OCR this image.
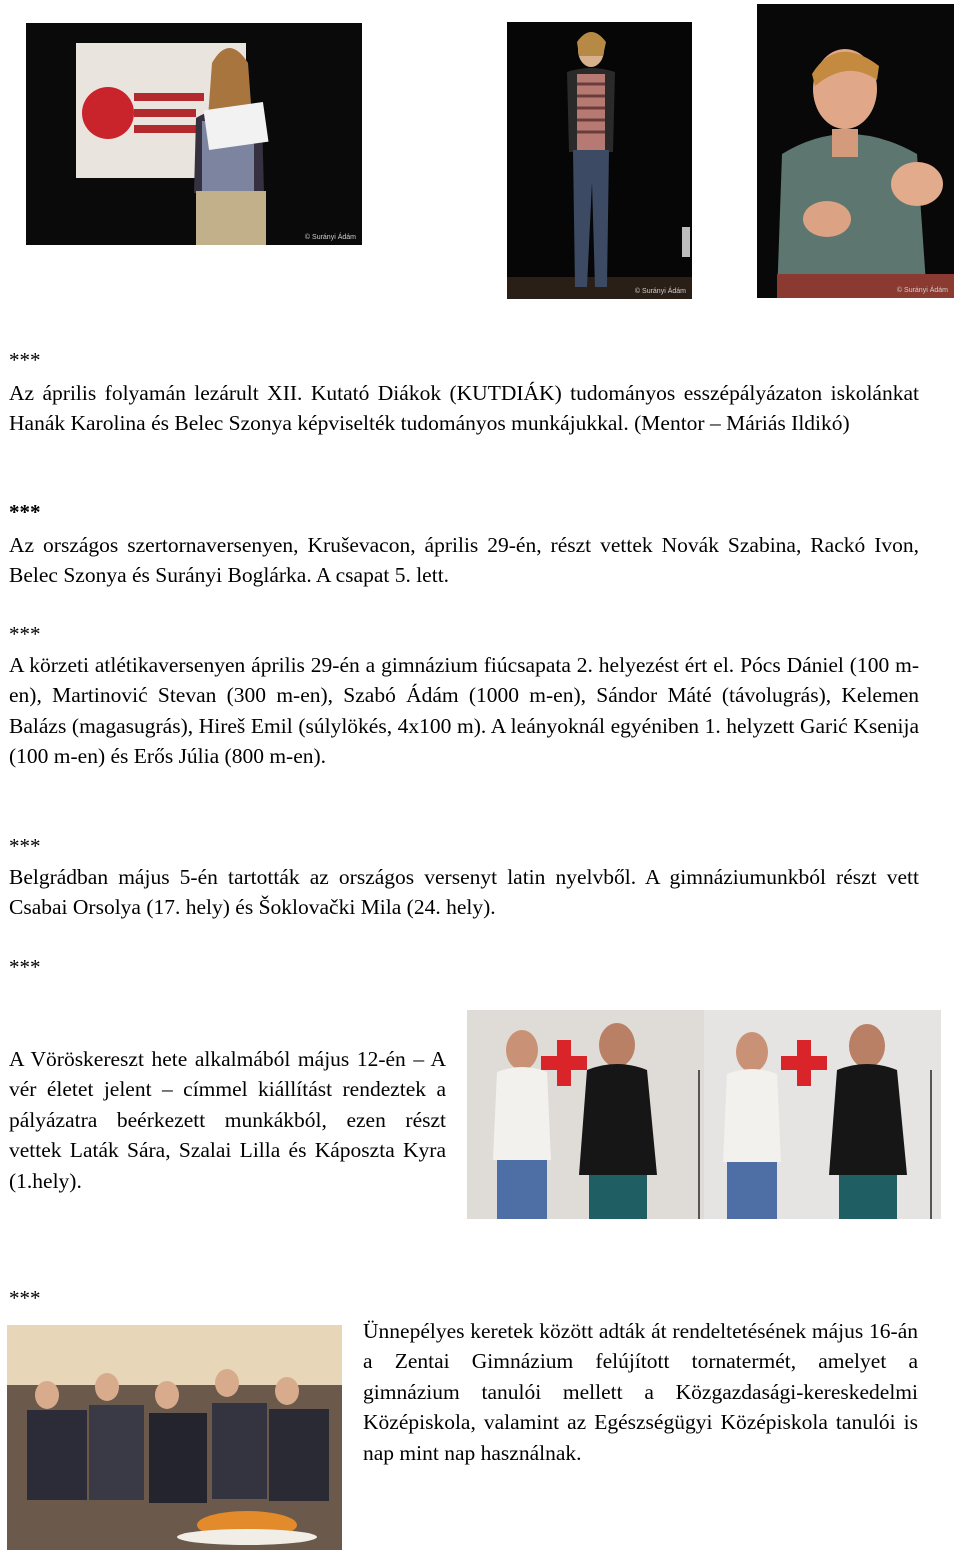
© Surányi Ádám
© Surányi Ádám	© Surányi Ádám

***

Az április folyamán lezárult XII. Kutató Diákok (KUTDIÁK) tudományos esszépályázaton iskolánkat Hanák Karolina és Belec Szonya képviselték tudományos munkájukkal. (Mentor – Máriás Ildikó)

***

Az országos szertornaversenyen, Kruševacon, április 29-én, részt vettek Novák Szabina, Rackó Ivon, Belec Szonya és Surányi Boglárka. A csapat 5. lett.

***

A körzeti atlétikaversenyen április 29-én a gimnázium fiúcsapata 2. helyezést ért el. Pócs Dániel (100 m-en), Martinović Stevan (300 m-en), Szabó Ádám (1000 m-en), Sándor Máté (távolugrás), Kelemen Balázs (magasugrás), Hireš Emil (súlylökés, 4x100 m). A leányoknál egyéniben 1. helyzett Garić Ksenija (100 m-en) és Erős Júlia (800 m-en).

***

Belgrádban május 5-én tartották az országos versenyt latin nyelvből. A gimnáziumunkból részt vett Csabai Orsolya (17. hely) és Šoklovački Mila (24. hely).

***

A Vöröskereszt hete alkalmából május 12-én – A vér életet jelent – címmel kiállítást rendeztek a pályázatra beérkezett munkákból, ezen részt vettek Laták Sára, Szalai Lilla és Káposzta Kyra (1.hely).

***

Ünnepélyes keretek között adták át rendeltetésének május 16-án a Zentai Gimnázium felújított tornatermét, amelyet a gimnázium tanulói mellett a Közgazdasági-kereskedelmi Középiskola, valamint az Egészségügyi Középiskola tanulói is nap mint nap használnak.
